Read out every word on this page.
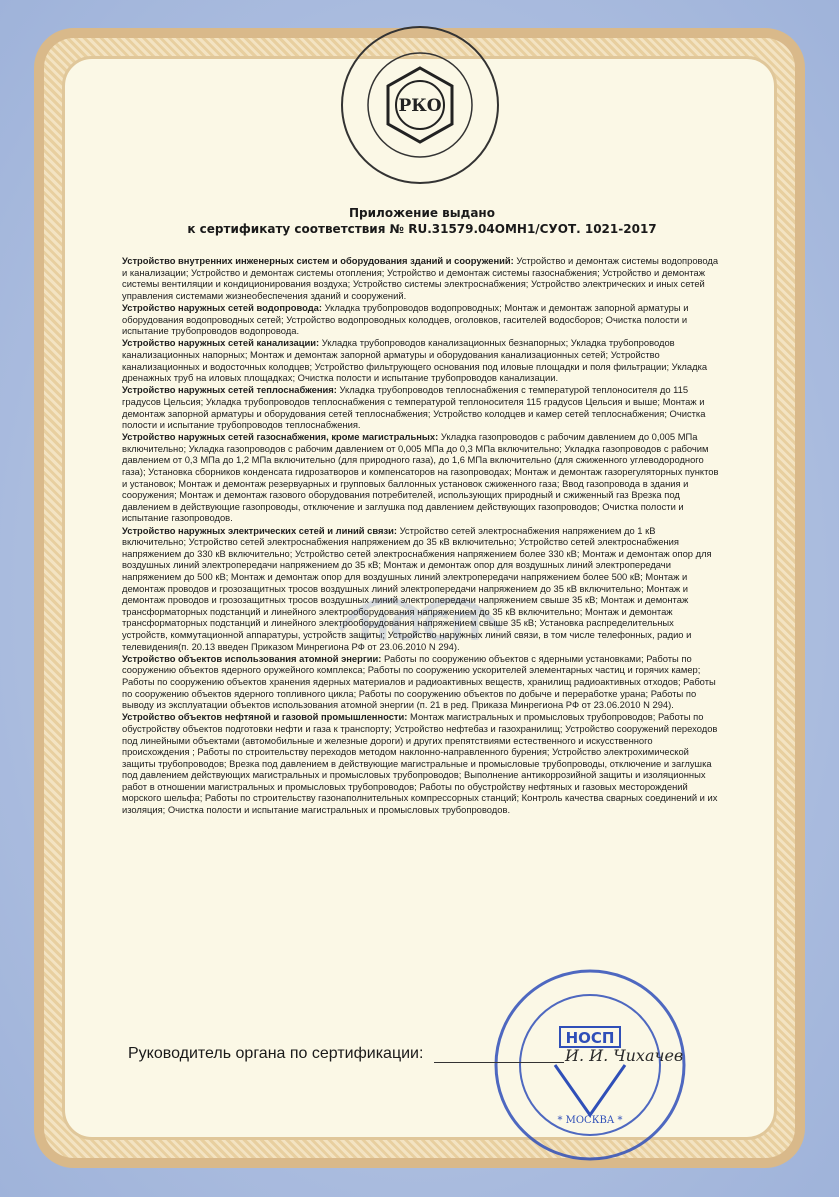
РКО
НОСП

Приложение выдано

к сертификату соответствия № RU.31579.04ОМН1/СУОТ. 1021-2017

Устройство внутренних инженерных систем и оборудования зданий и сооружений: Устройство и демонтаж системы водопровода и канализации; Устройство и демонтаж системы отопления; Устройство и демонтаж системы газоснабжения; Устройство и демонтаж системы вентиляции и кондиционирования воздуха; Устройство системы электроснабжения; Устройство электрических и иных сетей управления системами жизнеобеспечения зданий и сооружений.

Устройство наружных сетей водопровода: Укладка трубопроводов водопроводных; Монтаж и демонтаж запорной арматуры и оборудования водопроводных сетей; Устройство водопроводных колодцев, оголовков, гасителей водосборов; Очистка полости и испытание трубопроводов водопровода.

Устройство наружных сетей канализации: Укладка трубопроводов канализационных безнапорных; Укладка трубопроводов канализационных напорных; Монтаж и демонтаж запорной арматуры и оборудования канализационных сетей; Устройство канализационных и водосточных колодцев; Устройство фильтрующего основания под иловые площадки и поля фильтрации; Укладка дренажных труб на иловых площадках; Очистка полости и испытание трубопроводов канализации.

Устройство наружных сетей теплоснабжения: Укладка трубопроводов теплоснабжения с температурой теплоносителя до 115 градусов Цельсия; Укладка трубопроводов теплоснабжения с температурой теплоносителя 115 градусов Цельсия и выше; Монтаж и демонтаж запорной арматуры и оборудования сетей теплоснабжения; Устройство колодцев и камер сетей теплоснабжения; Очистка полости и испытание трубопроводов теплоснабжения.

Устройство наружных сетей газоснабжения, кроме магистральных: Укладка газопроводов с рабочим давлением до 0,005 МПа включительно; Укладка газопроводов с рабочим давлением от 0,005 МПа до 0,3 МПа включительно; Укладка газопроводов с рабочим давлением от 0,3 МПа до 1,2 МПа включительно (для природного газа), до 1,6 МПа включительно (для сжиженного углеводородного газа); Установка сборников конденсата гидрозатворов и компенсаторов на газопроводах; Монтаж и демонтаж газорегуляторных пунктов и установок; Монтаж и демонтаж резервуарных и групповых баллонных установок сжиженного газа; Ввод газопровода в здания и сооружения; Монтаж и демонтаж газового оборудования потребителей, использующих природный и сжиженный газ Врезка под давлением в действующие газопроводы, отключение и заглушка под давлением действующих газопроводов; Очистка полости и испытание газопроводов.

Устройство наружных электрических сетей и линий связи: Устройство сетей электроснабжения напряжением до 1 кВ включительно; Устройство сетей электроснабжения напряжением до 35 кВ включительно; Устройство сетей электроснабжения напряжением до 330 кВ включительно; Устройство сетей электроснабжения напряжением более 330 кВ; Монтаж и демонтаж опор для воздушных линий электропередачи напряжением до 35 кВ; Монтаж и демонтаж опор для воздушных линий электропередачи напряжением до 500 кВ; Монтаж и демонтаж опор для воздушных линий электропередачи напряжением более 500 кВ; Монтаж и демонтаж проводов и грозозащитных тросов воздушных линий электропередачи напряжением до 35 кВ включительно; Монтаж и демонтаж проводов и грозозащитных тросов воздушных линий электропередачи напряжением свыше 35 кВ; Монтаж и демонтаж трансформаторных подстанций и линейного электрооборудования напряжением до 35 кВ включительно; Монтаж и демонтаж трансформаторных подстанций и линейного электрооборудования напряжением свыше 35 кВ; Установка распределительных устройств, коммутационной аппаратуры, устройств защиты; Устройство наружных линий связи, в том числе телефонных, радио и телевидения(п. 20.13 введен Приказом Минрегиона РФ от 23.06.2010 N 294).

Устройство объектов использования атомной энергии: Работы по сооружению объектов с ядерными установками; Работы по сооружению объектов ядерного оружейного комплекса; Работы по сооружению ускорителей элементарных частиц и горячих камер; Работы по сооружению объектов хранения ядерных материалов и радиоактивных веществ, хранилищ радиоактивных отходов; Работы по сооружению объектов ядерного топливного цикла; Работы по сооружению объектов по добыче и переработке урана; Работы по выводу из эксплуатации объектов использования атомной энергии (п. 21 в ред. Приказа Минрегиона РФ от 23.06.2010 N 294).

Устройство объектов нефтяной и газовой промышленности: Монтаж магистральных и промысловых трубопроводов; Работы по обустройству объектов подготовки нефти и газа к транспорту; Устройство нефтебаз и газохранилищ; Устройство сооружений переходов под линейными объектами (автомобильные и железные дороги) и других препятствиями естественного и искусственного происхождения ; Работы по строительству переходов методом наклонно-направленного бурения; Устройство электрохимической защиты трубопроводов; Врезка под давлением в действующие магистральные и промысловые трубопроводы, отключение и заглушка под давлением действующих магистральных и промысловых трубопроводов; Выполнение антикоррозийной защиты и изоляционных работ в отношении магистральных и промысловых трубопроводов; Работы по обустройству нефтяных и газовых месторождений морского шельфа; Работы по строительству газонаполнительных компрессорных станций; Контроль качества сварных соединений и их изоляция; Очистка полости и испытание магистральных и промысловых трубопроводов.

НОСП
* МОСКВА *
Руководитель органа по сертификации:	И. И. Чихачев
